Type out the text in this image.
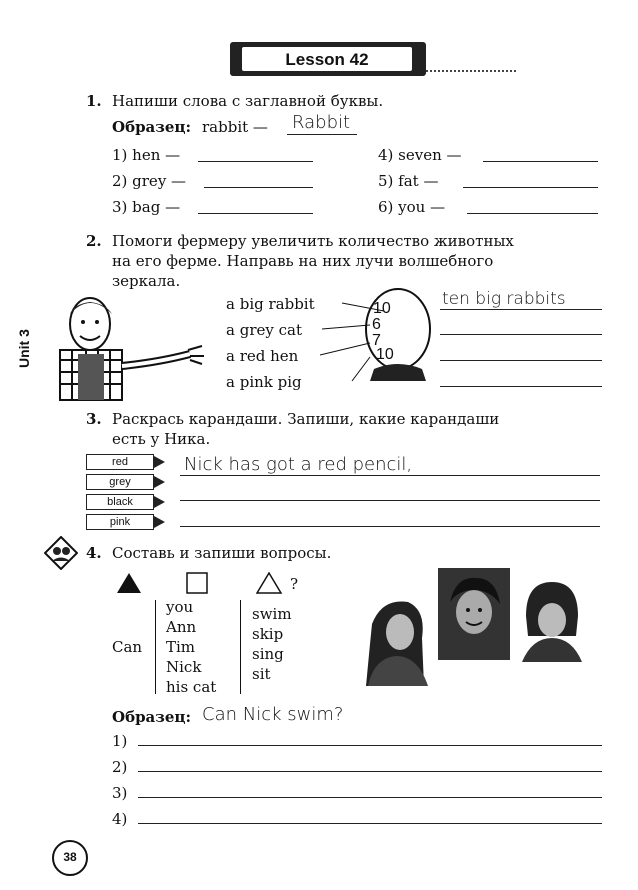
Lesson 42
Unit 3
1. Напиши слова с заглавной буквы.
Образец: rabbit — Rabbit
1) hen —
2) grey —
3) bag —
4) seven —
5) fat —
6) you —
2. Помоги фермеру увеличить количество животных
на его ферме. Направь на них лучи волшебного
зеркала.
a big rabbit
a grey cat
a red hen
a pink pig
10
6
7
10
ten big rabbits
3. Раскрась карандаши. Запиши, какие карандаши
есть у Ника.
red
grey
black
pink
Nick has got a red pencil,
4. Составь и запиши вопросы.
?
Can
you
Ann
Tim
Nick
his cat
swim
skip
sing
sit
Образец: Can Nick swim?
1)
2)
3)
4)
38
